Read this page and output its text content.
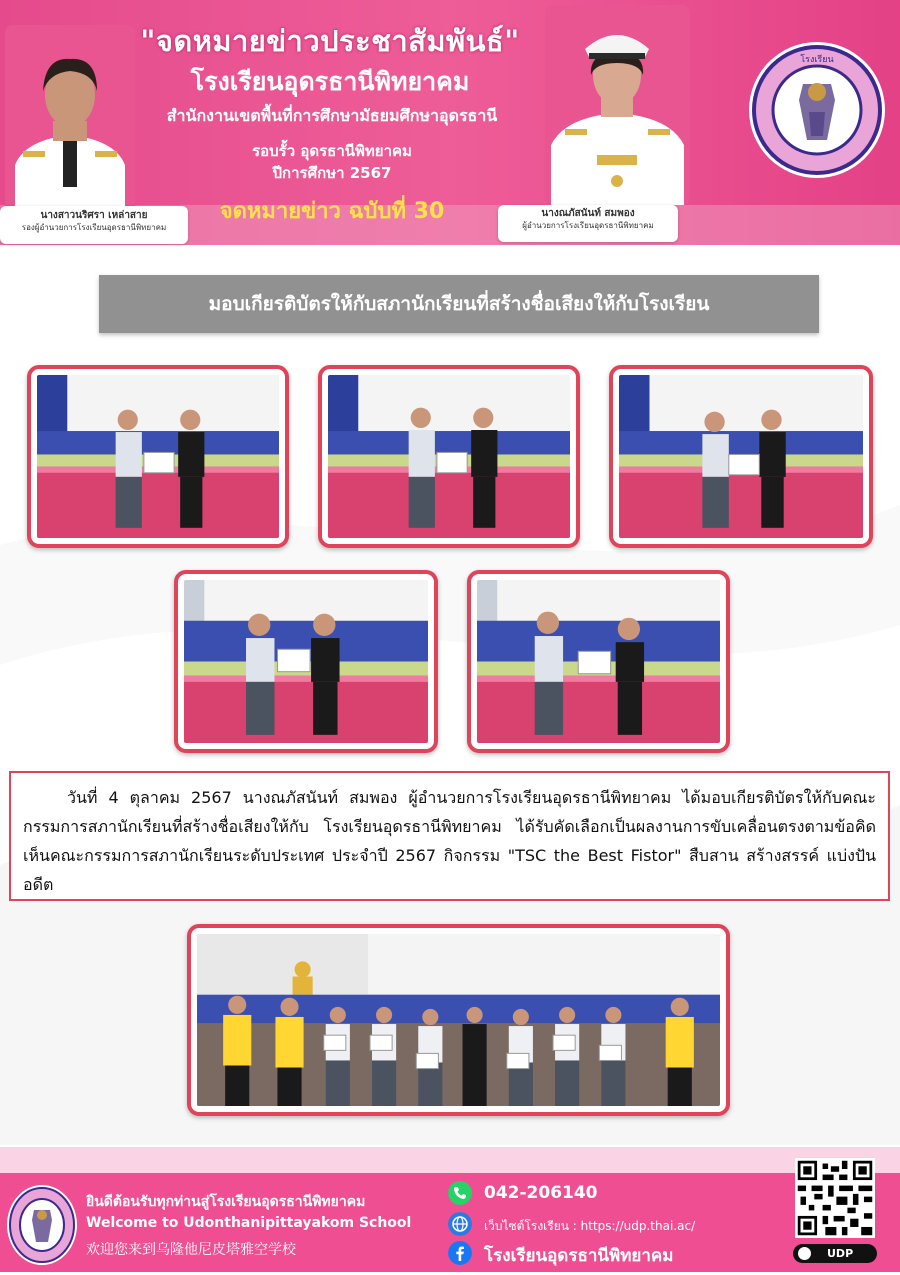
นางสาวนริศรา เหล่าสาย
รองผู้อำนวยการโรงเรียนอุดรธานีพิทยาคม
นางณภัสนันท์ สมพอง
ผู้อำนวยการโรงเรียนอุดรธานีพิทยาคม
"จดหมายข่าวประชาสัมพันธ์"
โรงเรียนอุดรธานีพิทยาคม
สำนักงานเขตพื้นที่การศึกษามัธยมศึกษาอุดรธานี
รอบรั้ว อุดรธานีพิทยาคม
ปีการศึกษา 2567
จดหมายข่าว ฉบับที่ 30
โรงเรียน
มอบเกียรติบัตรให้กับสภานักเรียนที่สร้างชื่อเสียงให้กับโรงเรียน

วันที่ 4 ตุลาคม 2567 นางณภัสนันท์ สมพอง ผู้อำนวยการโรงเรียนอุดรธานีพิทยาคม ได้มอบเกียรติบัตรให้กับคณะกรรมการสภานักเรียนที่สร้างชื่อเสียงให้กับ โรงเรียนอุดรธานีพิทยาคม ได้รับคัดเลือกเป็นผลงานการขับเคลื่อนตรงตามข้อคิดเห็นคณะกรรมการสภานักเรียนระดับประเทศ ประจำปี 2567 กิจกรรม "TSC the Best Fistor" สืบสาน สร้างสรรค์ แบ่งปันอดีต

ยินดีต้อนรับทุกท่านสู่โรงเรียนอุดรธานีพิทยาคม
Welcome to Udonthanipittayakom School
欢迎您来到乌隆他尼皮塔雅空学校
042-206140
เว็บไซต์โรงเรียน : https://udp.thai.ac/
โรงเรียนอุดรธานีพิทยาคม	UDP
